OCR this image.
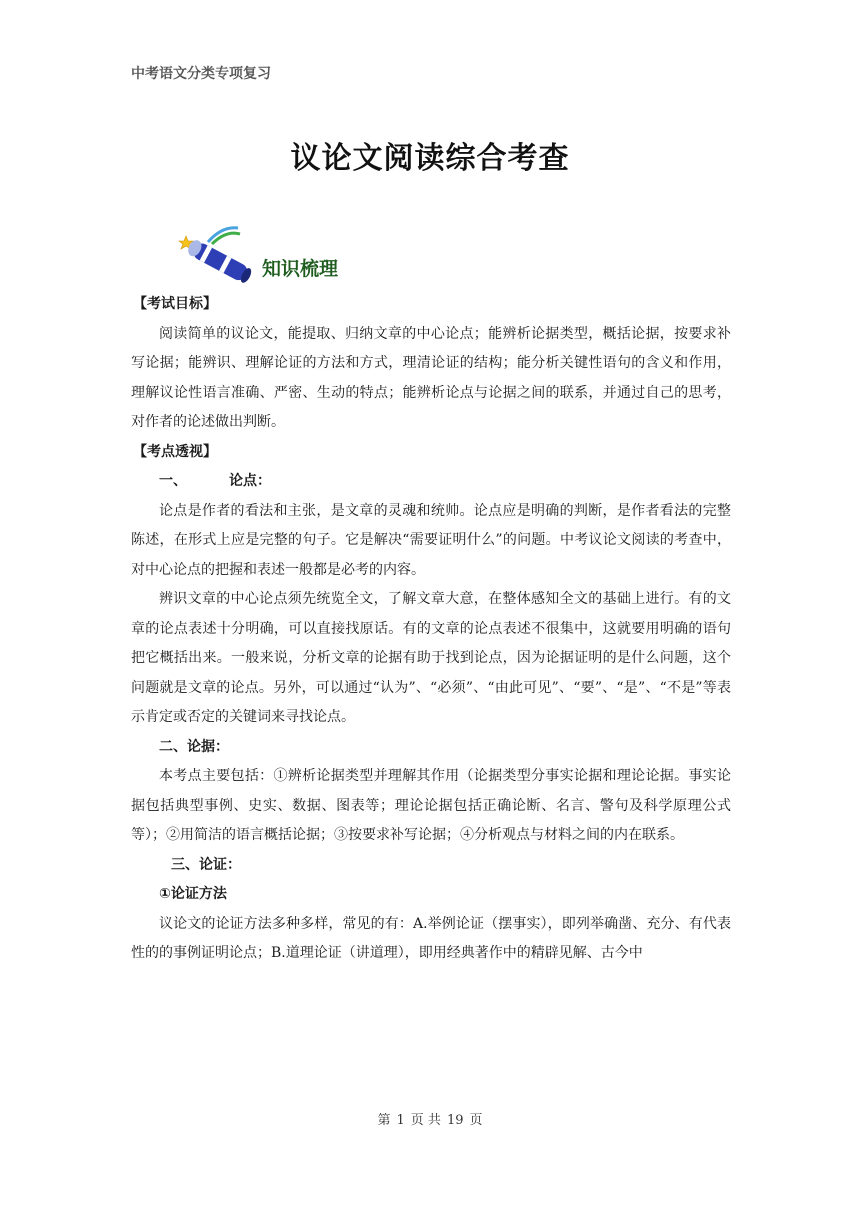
中考语文分类专项复习
议论文阅读综合考查
知识梳理

【考试目标】

阅读简单的议论文，能提取、归纳文章的中心论点；能辨析论据类型，概括论据，按要求补写论据；能辨识、理解论证的方法和方式，理清论证的结构；能分析关键性语句的含义和作用，理解议论性语言准确、严密、生动的特点；能辨析论点与论据之间的联系，并通过自己的思考，对作者的论述做出判断。

【考点透视】

一、	论点：

论点是作者的看法和主张，是文章的灵魂和统帅。论点应是明确的判断，是作者看法的完整陈述，在形式上应是完整的句子。它是解决“需要证明什么”的问题。中考议论文阅读的考查中，对中心论点的把握和表述一般都是必考的内容。

辨识文章的中心论点须先统览全文，了解文章大意，在整体感知全文的基础上进行。有的文章的论点表述十分明确，可以直接找原话。有的文章的论点表述不很集中，这就要用明确的语句把它概括出来。一般来说，分析文章的论据有助于找到论点，因为论据证明的是什么问题，这个问题就是文章的论点。另外，可以通过“认为”、“必须”、“由此可见”、“要”、“是”、“不是”等表示肯定或否定的关键词来寻找论点。

二、论据：

本考点主要包括：①辨析论据类型并理解其作用（论据类型分事实论据和理论论据。事实论据包括典型事例、史实、数据、图表等；理论论据包括正确论断、名言、警句及科学原理公式等）；②用简洁的语言概括论据；③按要求补写论据；④分析观点与材料之间的内在联系。

三、论证：

①论证方法

议论文的论证方法多种多样，常见的有：A.举例论证（摆事实），即列举确凿、充分、有代表性的的事例证明论点；B.道理论证（讲道理），即用经典著作中的精辟见解、古今中

第 1 页 共 19 页
